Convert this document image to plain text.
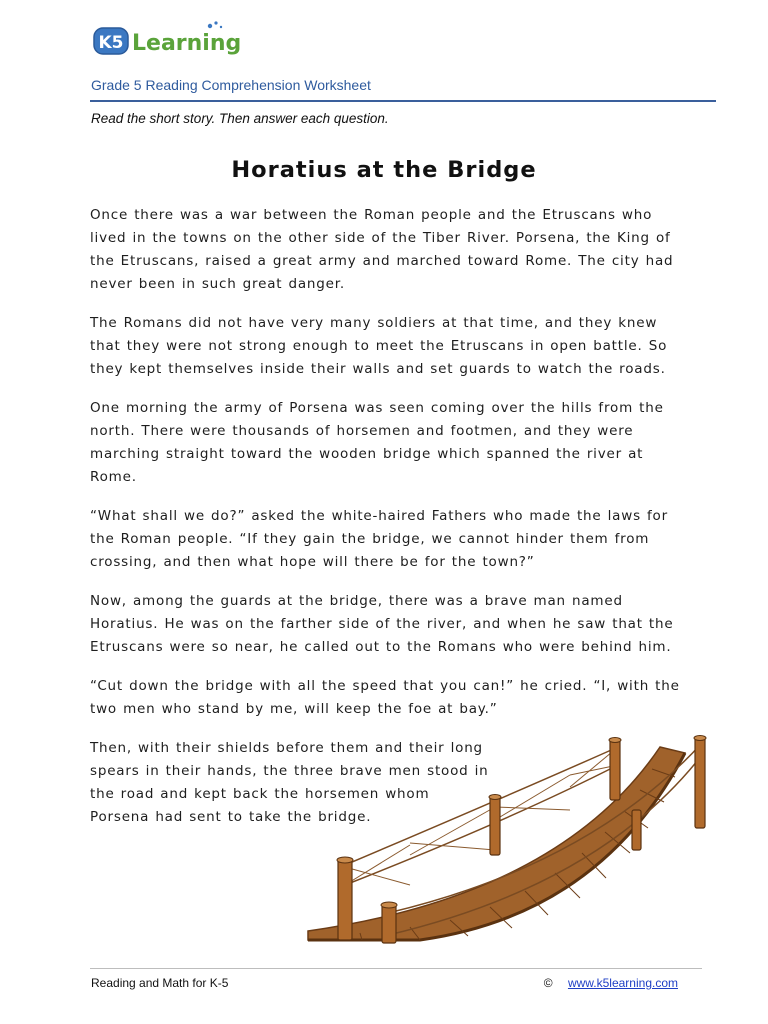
K5 Learning
Grade 5 Reading Comprehension Worksheet
Read the short story. Then answer each question.
Horatius at the Bridge

Once there was a war between the Roman people and the Etruscans who lived in the towns on the other side of the Tiber River. Porsena, the King of the Etruscans, raised a great army and marched toward Rome. The city had never been in such great danger.

The Romans did not have very many soldiers at that time, and they knew that they were not strong enough to meet the Etruscans in open battle. So they kept themselves inside their walls and set guards to watch the roads.

One morning the army of Porsena was seen coming over the hills from the north. There were thousands of horsemen and footmen, and they were marching straight toward the wooden bridge which spanned the river at Rome.

“What shall we do?” asked the white-haired Fathers who made the laws for the Roman people. “If they gain the bridge, we cannot hinder them from crossing, and then what hope will there be for the town?”

Now, among the guards at the bridge, there was a brave man named Horatius. He was on the farther side of the river, and when he saw that the Etruscans were so near, he called out to the Romans who were behind him.

“Cut down the bridge with all the speed that you can!” he cried. “I, with the two men who stand by me, will keep the foe at bay.”

Then, with their shields before them and their long spears in their hands, the three brave men stood in the road and kept back the horsemen whom Porsena had sent to take the bridge.

Reading and Math for K-5	© www.k5learning.com
